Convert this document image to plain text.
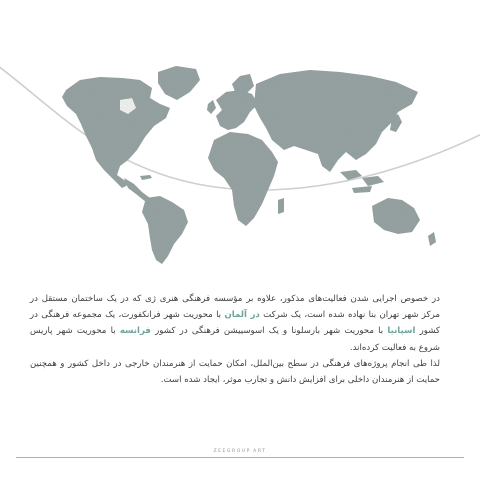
در خصوص اجرایی شدن فعالیت‌های مذکور، علاوه بر مؤسسه فرهنگی هنری ژی که در یک ساختمان مستقل در مرکز شهر تهران بنا نهاده شده است، یک شرکت در آلمان با محوریت شهر فرانکفورت، یک مجموعه فرهنگی در کشور اسپانیا با محوریت شهر بارسلونا و یک اسوسییشن فرهنگی در کشور فرانسه با محوریت شهر پاریس شروع به فعالیت کرده‌اند.

لذا طی انجام پروژه‌های فرهنگی در سطح بین‌الملل، امکان حمایت از هنرمندان خارجی در داخل کشور و همچنین حمایت از هنرمندان داخلی برای افزایش دانش و تجارب موثر، ایجاد شده است.

ZEEGROUP.ART
